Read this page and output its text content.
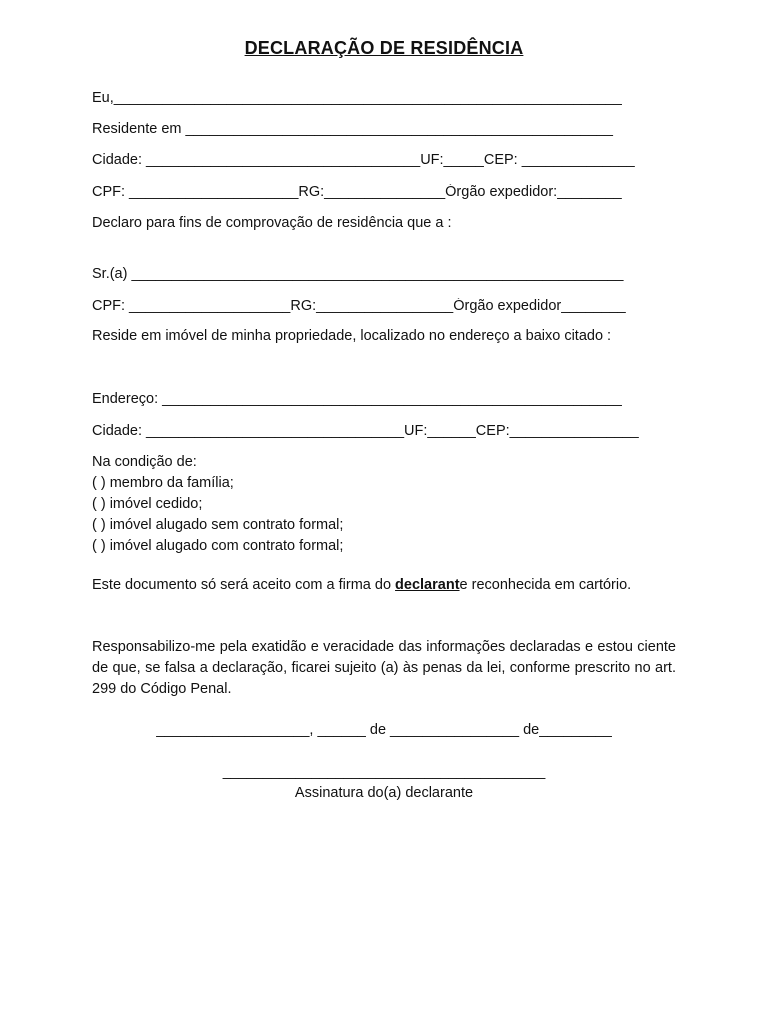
DECLARAÇÃO DE RESIDÊNCIA
Eu,_______________________________________________________________
Residente em _____________________________________________________
Cidade: __________________________________UF:_____CEP: ______________
CPF: _____________________RG:_______________Órgão expedidor:________
Declaro para fins de comprovação de residência que a :
Sr.(a) _____________________________________________________________
CPF: ____________________RG:_________________Órgão expedidor________
Reside em imóvel de minha propriedade, localizado no endereço a baixo citado :
Endereço: _________________________________________________________
Cidade: ________________________________UF:______CEP:________________
Na condição de:
( ) membro da família;
( ) imóvel cedido;
( ) imóvel alugado sem contrato formal;
( ) imóvel alugado com contrato formal;
Este documento só será aceito com a firma do declarante reconhecida em cartório.
Responsabilizo-me pela exatidão e veracidade das informações declaradas e estou ciente de que, se falsa a declaração, ficarei sujeito (a) às penas da lei, conforme prescrito no art. 299 do Código Penal.
___________________, ______ de ________________ de_________
________________________________________
Assinatura do(a) declarante
